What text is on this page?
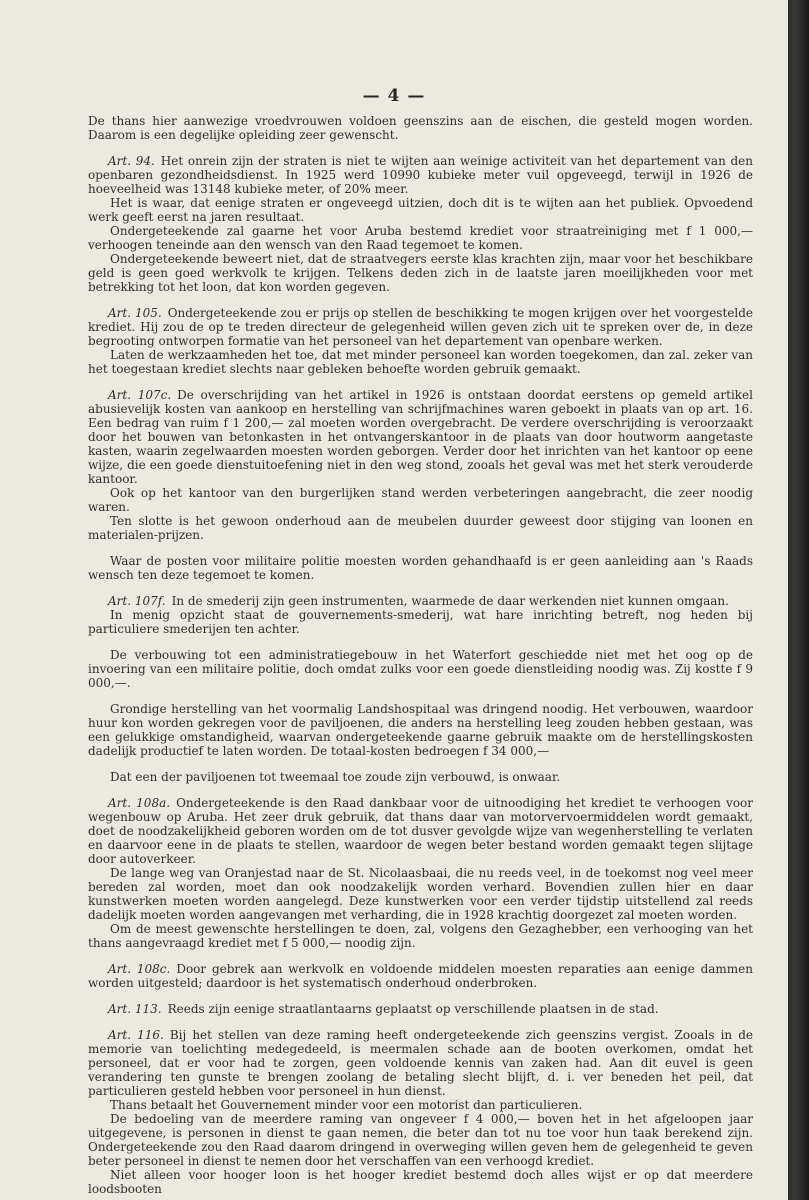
— 4 —

De thans hier aanwezige vroedvrouwen voldoen geenszins aan de eischen, die gesteld mogen worden. Daarom is een degelijke opleiding zeer gewenscht.

Art. 94. Het onrein zijn der straten is niet te wijten aan weinige activiteit van het departement van den openbaren gezondheidsdienst. In 1925 werd 10990 kubieke meter vuil opgeveegd, terwijl in 1926 de hoeveelheid was 13148 kubieke meter, of 20% meer.

Het is waar, dat eenige straten er ongeveegd uitzien, doch dit is te wijten aan het publiek. Opvoedend werk geeft eerst na jaren resultaat.

Ondergeteekende zal gaarne het voor Aruba bestemd krediet voor straatreiniging met f 1 000,— verhoogen teneinde aan den wensch van den Raad tegemoet te komen.

Ondergeteekende beweert niet, dat de straatvegers eerste klas krachten zijn, maar voor het beschikbare geld is geen goed werkvolk te krijgen. Telkens deden zich in de laatste jaren moeilijkheden voor met betrekking tot het loon, dat kon worden gegeven.

Art. 105. Ondergeteekende zou er prijs op stellen de beschikking te mogen krijgen over het voorgestelde krediet. Hij zou de op te treden directeur de gelegenheid willen geven zich uit te spreken over de, in deze begrooting ontworpen formatie van het personeel van het departement van openbare werken.

Laten de werkzaamheden het toe, dat met minder personeel kan worden toegekomen, dan zal. zeker van het toegestaan krediet slechts naar gebleken behoefte worden gebruik gemaakt.

Art. 107c. De overschrijding van het artikel in 1926 is ontstaan doordat eerstens op gemeld artikel abusievelijk kosten van aankoop en herstelling van schrijfmachines waren geboekt in plaats van op art. 16. Een bedrag van ruim f 1 200,— zal moeten worden overgebracht. De verdere overschrijding is veroorzaakt door het bouwen van betonkasten in het ontvangerskantoor in de plaats van door houtworm aangetaste kasten, waarin zegelwaarden moesten worden geborgen. Verder door het inrichten van het kantoor op eene wijze, die een goede dienstuitoefening niet in den weg stond, zooals het geval was met het sterk verouderde kantoor.

Ook op het kantoor van den burgerlijken stand werden verbeteringen aangebracht, die zeer noodig waren.

Ten slotte is het gewoon onderhoud aan de meubelen duurder geweest door stijging van loonen en materialen-prijzen.

Waar de posten voor militaire politie moesten worden gehandhaafd is er geen aanleiding aan 's Raads wensch ten deze tegemoet te komen.

Art. 107f. In de smederij zijn geen instrumenten, waarmede de daar werkenden niet kunnen omgaan.

In menig opzicht staat de gouvernements-smederij, wat hare inrichting betreft, nog heden bij particuliere smederijen ten achter.

De verbouwing tot een administratiegebouw in het Waterfort geschiedde niet met het oog op de invoering van een militaire politie, doch omdat zulks voor een goede dienstleiding noodig was. Zij kostte f 9 000,—.

Grondige herstelling van het voormalig Landshospitaal was dringend noodig. Het verbouwen, waardoor huur kon worden gekregen voor de paviljoenen, die anders na herstelling leeg zouden hebben gestaan, was een gelukkige omstandigheid, waarvan ondergeteekende gaarne gebruik maakte om de herstellingskosten dadelijk productief te laten worden. De totaal-kosten bedroegen f 34 000,—

Dat een der paviljoenen tot tweemaal toe zoude zijn verbouwd, is onwaar.

Art. 108a. Ondergeteekende is den Raad dankbaar voor de uitnoodiging het krediet te verhoogen voor wegenbouw op Aruba. Het zeer druk gebruik, dat thans daar van motorvervoermiddelen wordt gemaakt, doet de noodzakelijkheid geboren worden om de tot dusver gevolgde wijze van wegenherstelling te verlaten en daarvoor eene in de plaats te stellen, waardoor de wegen beter bestand worden gemaakt tegen slijtage door autoverkeer.

De lange weg van Oranjestad naar de St. Nicolaasbaai, die nu reeds veel, in de toekomst nog veel meer bereden zal worden, moet dan ook noodzakelijk worden verhard. Bovendien zullen hier en daar kunstwerken moeten worden aangelegd. Deze kunstwerken voor een verder tijdstip uitstellend zal reeds dadelijk moeten worden aangevangen met verharding, die in 1928 krachtig doorgezet zal moeten worden.

Om de meest gewenschte herstellingen te doen, zal, volgens den Gezaghebber, een verhooging van het thans aangevraagd krediet met f 5 000,— noodig zijn.

Art. 108c. Door gebrek aan werkvolk en voldoende middelen moesten reparaties aan eenige dammen worden uitgesteld; daardoor is het systematisch onderhoud onderbroken.

Art. 113. Reeds zijn eenige straatlantaarns geplaatst op verschillende plaatsen in de stad.

Art. 116. Bij het stellen van deze raming heeft ondergeteekende zich geenszins vergist. Zooals in de memorie van toelichting medegedeeld, is meermalen schade aan de booten overkomen, omdat het personeel, dat er voor had te zorgen, geen voldoende kennis van zaken had. Aan dit euvel is geen verandering ten gunste te brengen zoolang de betaling slecht blijft, d. i. ver beneden het peil, dat particulieren gesteld hebben voor personeel in hun dienst.

Thans betaalt het Gouvernement minder voor een motorist dan particulieren.

De bedoeling van de meerdere raming van ongeveer f 4 000,— boven het in het afgeloopen jaar uitgegevene, is personen in dienst te gaan nemen, die beter dan tot nu toe voor hun taak berekend zijn. Ondergeteekende zou den Raad daarom dringend in overweging willen geven hem de gelegenheid te geven beter personeel in dienst te nemen door het verschaffen van een verhoogd krediet.

Niet alleen voor hooger loon is het hooger krediet bestemd doch alles wijst er op dat meerdere loodsbooten
